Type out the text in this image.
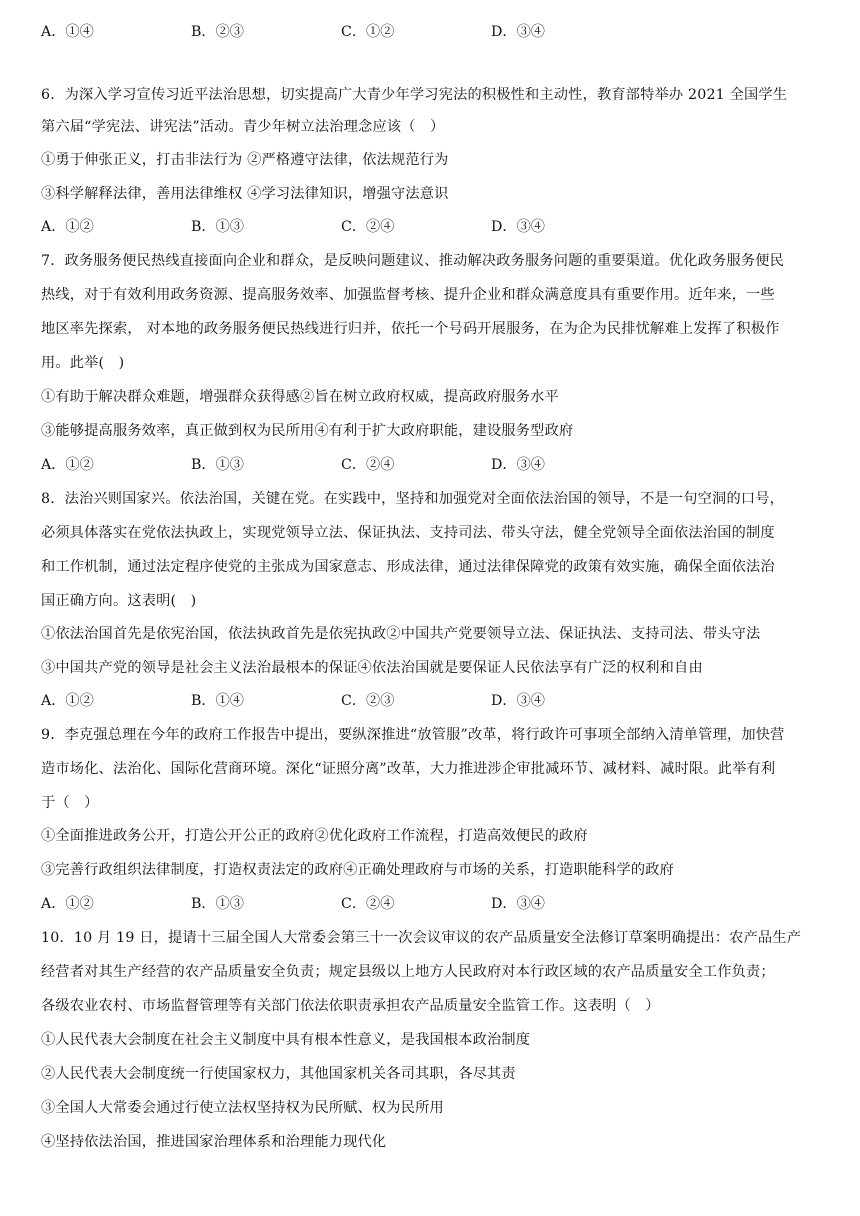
A．①④	B．②③	C．①②	D．③④
6．为深入学习宣传习近平法治思想，切实提高广大青少年学习宪法的积极性和主动性，教育部特举办 2021 全国学生
第六届“学宪法、讲宪法”活动。青少年树立法治理念应该（　）
①勇于伸张正义，打击非法行为 ②严格遵守法律，依法规范行为
③科学解释法律，善用法律维权 ④学习法律知识，增强守法意识
A．①②	B．①③	C．②④	D．③④
7．政务服务便民热线直接面向企业和群众，是反映问题建议、推动解决政务服务问题的重要渠道。优化政务服务便民
热线，对于有效利用政务资源、提高服务效率、加强监督考核、提升企业和群众满意度具有重要作用。近年来，一些
地区率先探索， 对本地的政务服务便民热线进行归并，依托一个号码开展服务，在为企为民排忧解难上发挥了积极作
用。此举(　)
①有助于解决群众难题，增强群众获得感②旨在树立政府权威，提高政府服务水平
③能够提高服务效率，真正做到权为民所用④有利于扩大政府职能，建设服务型政府
A．①②	B．①③	C．②④	D．③④
8．法治兴则国家兴。依法治国，关键在党。在实践中，坚持和加强党对全面依法治国的领导，不是一句空洞的口号，
必须具体落实在党依法执政上，实现党领导立法、保证执法、支持司法、带头守法，健全党领导全面依法治国的制度
和工作机制，通过法定程序使党的主张成为国家意志、形成法律，通过法律保障党的政策有效实施，确保全面依法治
国正确方向。这表明(　)
①依法治国首先是依宪治国，依法执政首先是依宪执政②中国共产党要领导立法、保证执法、支持司法、带头守法
③中国共产党的领导是社会主义法治最根本的保证④依法治国就是要保证人民依法享有广泛的权利和自由
A．①②	B．①④	C．②③	D．③④
9．李克强总理在今年的政府工作报告中提出，要纵深推进“放管服”改革，将行政许可事项全部纳入清单管理，加快营
造市场化、法治化、国际化营商环境。深化“证照分离”改革，大力推进涉企审批减环节、减材料、减时限。此举有利
于（　）
①全面推进政务公开，打造公开公正的政府②优化政府工作流程，打造高效便民的政府
③完善行政组织法律制度，打造权责法定的政府④正确处理政府与市场的关系，打造职能科学的政府
A．①②	B．①③	C．②④	D．③④
10．10 月 19 日，提请十三届全国人大常委会第三十一次会议审议的农产品质量安全法修订草案明确提出：农产品生产
经营者对其生产经营的农产品质量安全负责；规定县级以上地方人民政府对本行政区域的农产品质量安全工作负责；
各级农业农村、市场监督管理等有关部门依法依职责承担农产品质量安全监管工作。这表明（　）
①人民代表大会制度在社会主义制度中具有根本性意义，是我国根本政治制度
②人民代表大会制度统一行使国家权力，其他国家机关各司其职，各尽其责
③全国人大常委会通过行使立法权坚持权为民所赋、权为民所用
④坚持依法治国，推进国家治理体系和治理能力现代化
